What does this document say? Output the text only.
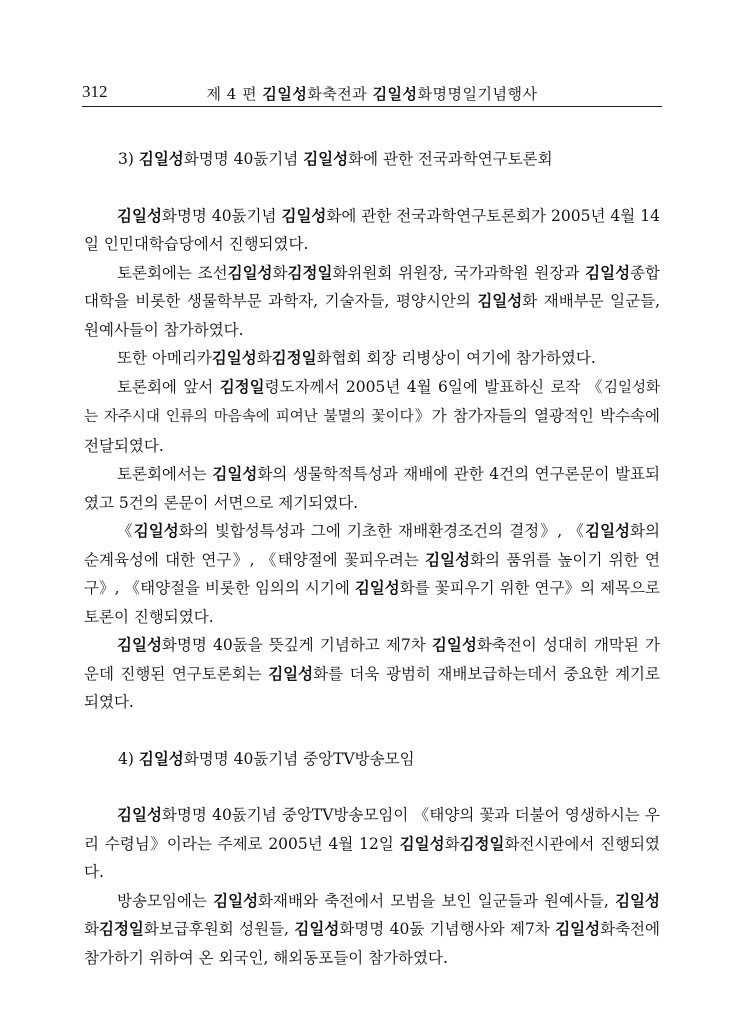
312	제 4 편 김일성화축전과 김일성화명명일기념행사
3) 김일성화명명 40돐기념 김일성화에 관한 전국과학연구토론회

김일성화명명 40돐기념 김일성화에 관한 전국과학연구토론회가 2005년 4월 14일 인민대학습당에서 진행되였다.

토론회에는 조선김일성화김정일화위원회 위원장, 국가과학원 원장과 김일성종합대학을 비롯한 생물학부문 과학자, 기술자들, 평양시안의 김일성화 재배부문 일군들, 원예사들이 참가하였다.

또한 아메리카김일성화김정일화협회 회장 리병상이 여기에 참가하였다.

토론회에 앞서 김정일령도자께서 2005년 4월 6일에 발표하신 로작 《김일성화는 자주시대 인류의 마음속에 피여난 불멸의 꽃이다》가 참가자들의 열광적인 박수속에 전달되였다.

토론회에서는 김일성화의 생물학적특성과 재배에 관한 4건의 연구론문이 발표되였고 5건의 론문이 서면으로 제기되였다.

《김일성화의 빛합성특성과 그에 기초한 재배환경조건의 결정》, 《김일성화의 순계육성에 대한 연구》, 《태양절에 꽃피우려는 김일성화의 품위를 높이기 위한 연구》, 《태양절을 비롯한 임의의 시기에 김일성화를 꽃피우기 위한 연구》의 제목으로 토론이 진행되였다.

김일성화명명 40돐을 뜻깊게 기념하고 제7차 김일성화축전이 성대히 개막된 가운데 진행된 연구토론회는 김일성화를 더욱 광범히 재배보급하는데서 중요한 계기로 되였다.

4) 김일성화명명 40돐기념 중앙TV방송모임

김일성화명명 40돐기념 중앙TV방송모임이 《태양의 꽃과 더불어 영생하시는 우리 수령님》이라는 주제로 2005년 4월 12일 김일성화김정일화전시관에서 진행되였다.

방송모임에는 김일성화재배와 축전에서 모범을 보인 일군들과 원예사들, 김일성화김정일화보급후원회 성원들, 김일성화명명 40돐 기념행사와 제7차 김일성화축전에 참가하기 위하여 온 외국인, 해외동포들이 참가하였다.
